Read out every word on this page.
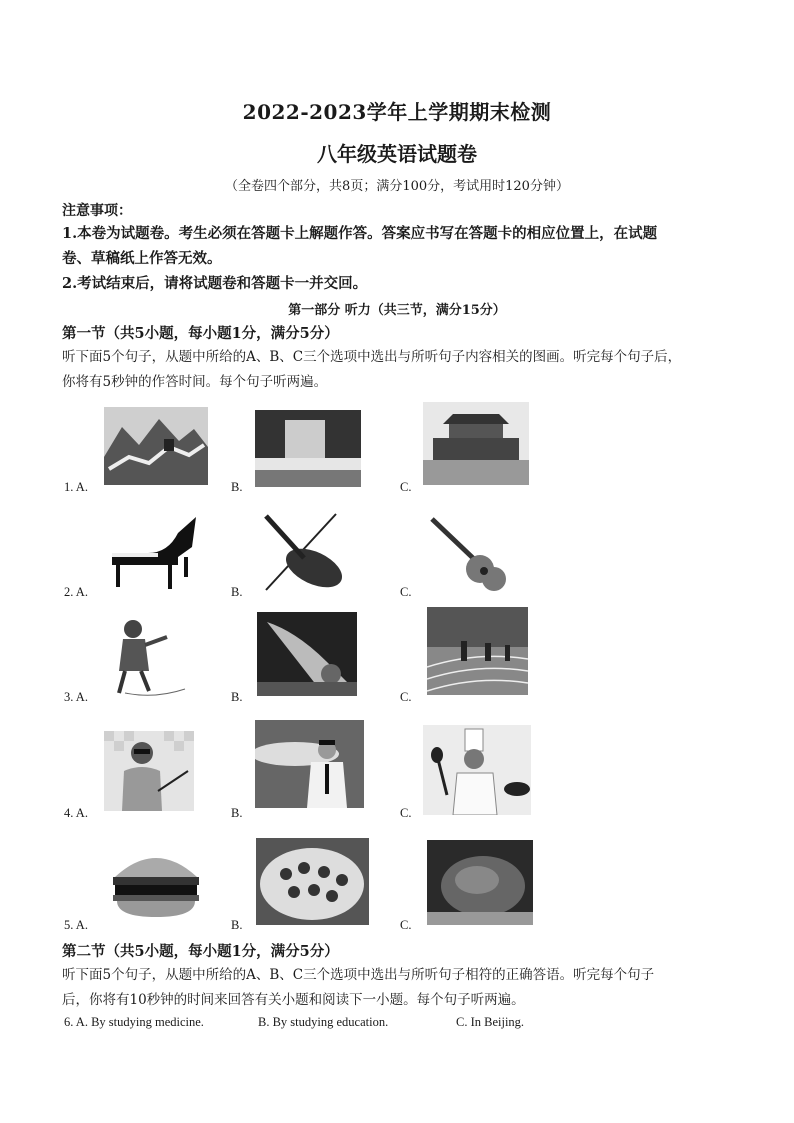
2022-2023学年上学期期末检测
八年级英语试题卷
（全卷四个部分，共8页；满分100分，考试用时120分钟）
注意事项：
1.本卷为试题卷。考生必须在答题卡上解题作答。答案应书写在答题卡的相应位置上，在试题
卷、草稿纸上作答无效。
2.考试结束后，请将试题卷和答题卡一并交回。
第一部分 听力（共三节，满分15分）
第一节（共5小题，每小题1分，满分5分）
听下面5个句子，从题中所给的A、B、C三个选项中选出与所听句子内容相关的图画。听完每个句子后，
你将有5秒钟的作答时间。每个句子听两遍。
1. A.	B.	C.
2. A.	B.	C.
3. A.	B.	C.
4. A.	B.	C.
5. A.	B.	C.
第二节（共5小题，每小题1分，满分5分）
听下面5个句子，从题中所给的A、B、C三个选项中选出与所听句子相符的正确答语。听完每个句子
后，你将有10秒钟的时间来回答有关小题和阅读下一小题。每个句子听两遍。
6. A. By studying medicine.	B. By studying education.	C. In Beijing.
